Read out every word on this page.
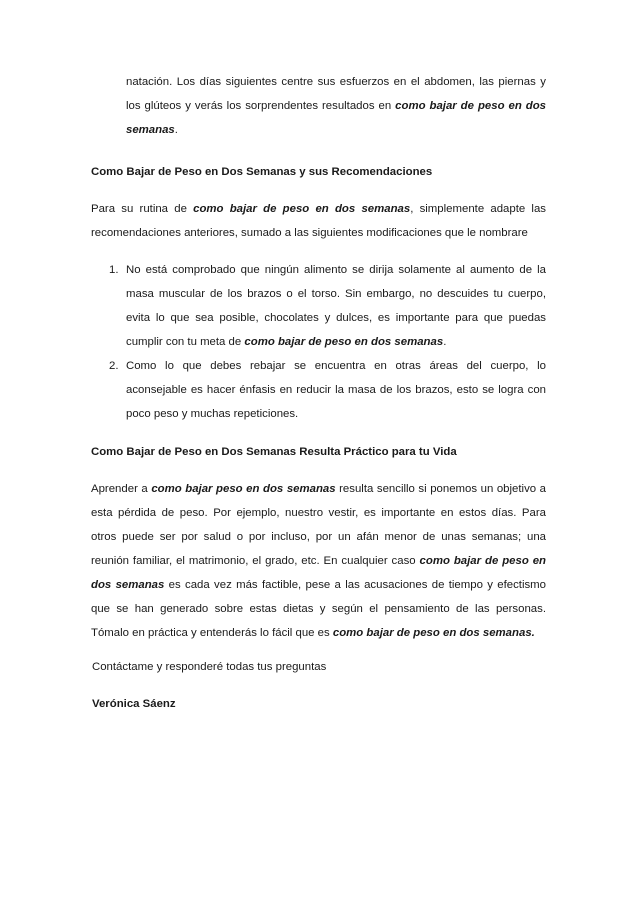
natación. Los días siguientes centre sus esfuerzos en el abdomen, las piernas y
los glúteos y verás los sorprendentes resultados en como bajar de peso en dos
semanas.
Como Bajar de Peso en Dos Semanas y sus Recomendaciones
Para su rutina de como bajar de peso en dos semanas, simplemente adapte las
recomendaciones anteriores, sumado a las siguientes modificaciones que le nombrare
1. No está comprobado que ningún alimento se dirija solamente al aumento de la
masa muscular de los brazos o el torso. Sin embargo, no descuides tu cuerpo,
evita lo que sea posible, chocolates y dulces, es importante para que puedas
cumplir con tu meta de como bajar de peso en dos semanas.
2. Como lo que debes rebajar se encuentra en otras áreas del cuerpo, lo
aconsejable es hacer énfasis en reducir la masa de los brazos, esto se logra con
poco peso y muchas repeticiones.
Como Bajar de Peso en Dos Semanas Resulta Práctico para tu Vida
Aprender a como bajar peso en dos semanas resulta sencillo si ponemos un objetivo a
esta pérdida de peso. Por ejemplo, nuestro vestir, es importante en estos días. Para
otros puede ser por salud o por incluso, por un afán menor de unas semanas; una
reunión familiar, el matrimonio, el grado, etc. En cualquier caso como bajar de peso en
dos semanas es cada vez más factible, pese a las acusaciones de tiempo y efectismo
que se han generado sobre estas dietas y según el pensamiento de las personas.
Tómalo en práctica y entenderás lo fácil que es como bajar de peso en dos semanas.
Contáctame y responderé todas tus preguntas
Verónica Sáenz
